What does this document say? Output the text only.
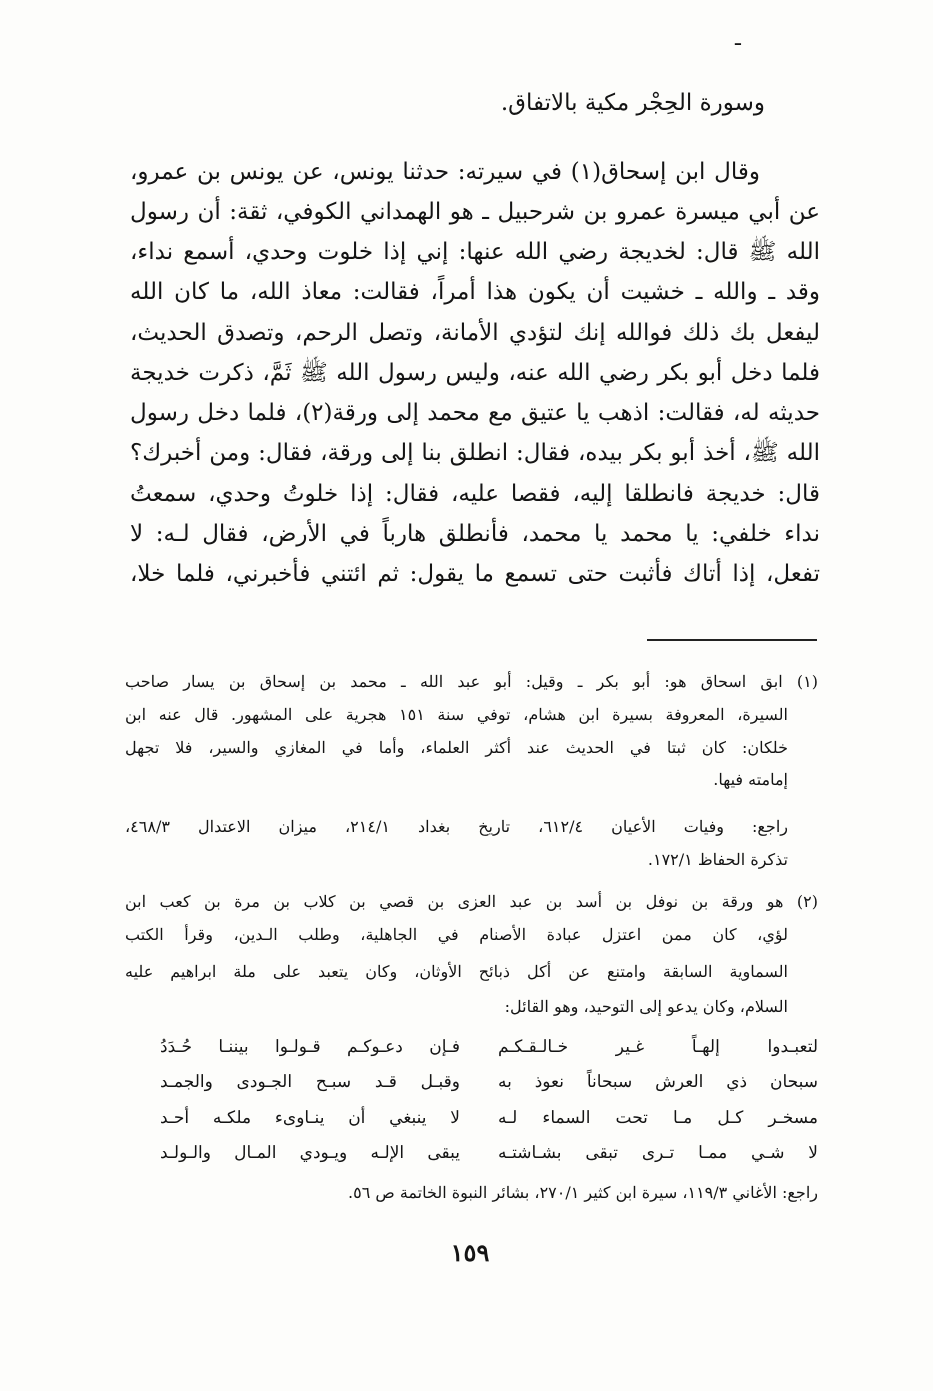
ـ
وسورة الحِجْر مكية بالاتفاق.
وقال ابن إسحاق(١) في سيرته: حدثنا يونس، عن يونس بن عمرو،
عن أبي ميسرة عمرو بن شرحبيل ـ هو الهمداني الكوفي، ثقة: أن رسول
الله ﷺ قال: لخديجة رضي الله عنها: إني إذا خلوت وحدي، أسمع نداء،
وقد ـ والله ـ خشيت أن يكون هذا أمراً، فقالت: معاذ الله، ما كان الله
ليفعل بك ذلك فوالله إنك لتؤدي الأمانة، وتصل الرحم، وتصدق الحديث،
فلما دخل أبو بكر رضي الله عنه، وليس رسول الله ﷺ ثَمَّ، ذكرت خديجة
حديثه له، فقالت: اذهب يا عتيق مع محمد إلى ورقة(٢)، فلما دخل رسول
الله ﷺ، أخذ أبو بكر بيده، فقال: انطلق بنا إلى ورقة، فقال: ومن أخبرك؟
قال: خديجة فانطلقا إليه، فقصا عليه، فقال: إذا خلوتُ وحدي، سمعتُ
نداء خلفي: يا محمد يا محمد، فأنطلق هارباً في الأرض، فقال لـه: لا
تفعل، إذا أتاك فأثبت حتى تسمع ما يقول: ثم ائتني فأخبرني، فلما خلا،
(١) ابق اسحاق هو: أبو بكر ـ وقيل: أبو عبد الله ـ محمد بن إسحاق بن يسار صاحب
السيرة، المعروفة بسيرة ابن هشام، توفي سنة ١٥١ هجرية على المشهور. قال عنه ابن
خلكان: كان ثبتا في الحديث عند أكثر العلماء، وأما في المغازي والسير، فلا تجهل
إمامته فيها.
راجع: وفيات الأعيان ٦١٢/٤، تاريخ بغداد ٢١٤/١، ميزان الاعتدال ٤٦٨/٣،
تذكرة الحفاظ ١٧٢/١.
(٢) هو ورقة بن نوفل بن أسد بن عبد العزى بن قصي بن كلاب بن مرة بن كعب ابن
لؤي، كان ممن اعتزل عبادة الأصنام في الجاهلية، وطلب الـدين، وقرأ الكتب
السماوية السابقة وامتنع عن أكل ذبائح الأوثان، وكان يتعبد على ملة ابراهيم عليه
السلام، وكان يدعو إلى التوحيد، وهو القائل:
لتعبـدوا إلهـاً غـير خـالـقـكـم
فـإن دعـوكـم قـولـوا بيننـا حُـدَدُ
سبحان ذي العرش سبحاناً نعوذ به
وقبـل قـد سبـح الجـودى والجمـد
مسخـر كـل مـا تحت السماء لـه
لا ينبغي أن ينـاوىء ملكـه أحـد
لا شـي ممـا تـرى تبقى بشـاشتـه
يبقى الإلـه ويـودي المـال والـولـد
راجع: الأغاني ١١٩/٣، سيرة ابن كثير ٢٧٠/١، بشائر النبوة الخاتمة ص ٥٦.
١٥٩
